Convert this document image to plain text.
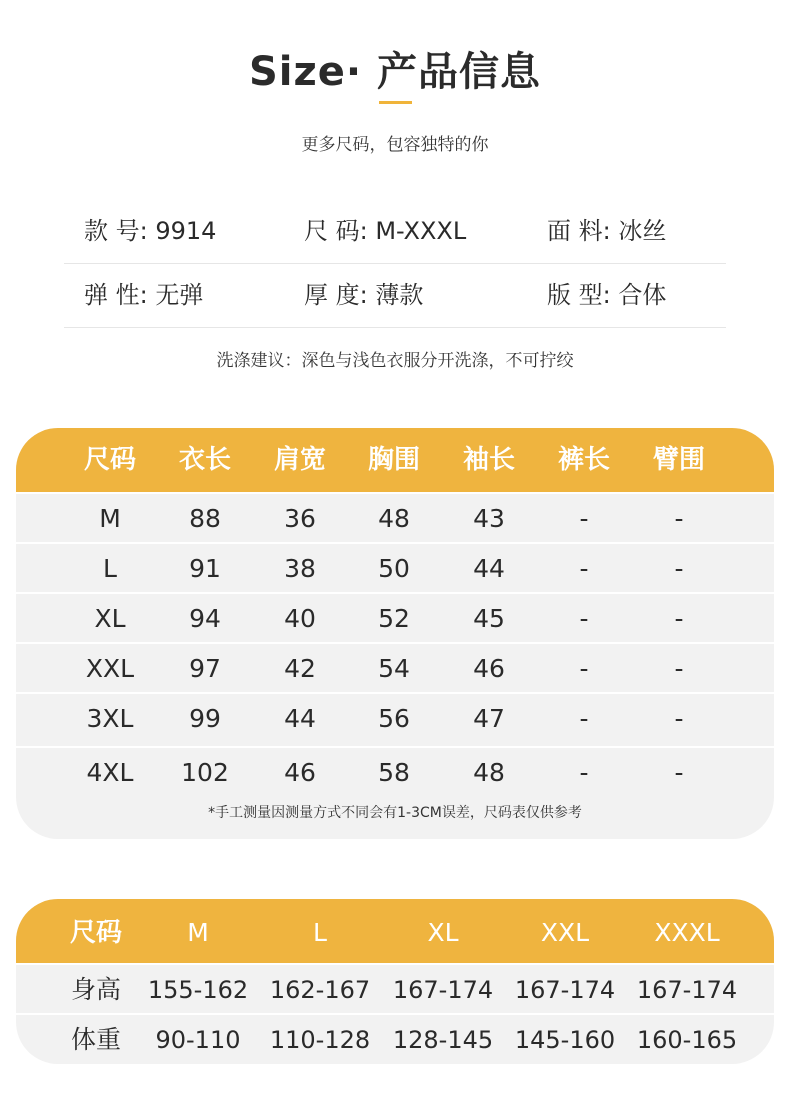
Size· 产品信息
更多尺码，包容独特的你
款 号: 9914	尺 码: M-XXXL	面 料: 冰丝
弹 性: 无弹	厚 度: 薄款	版 型: 合体
洗涤建议：深色与浅色衣服分开洗涤，不可拧绞
尺码	衣长	肩宽	胸围	袖长	裤长	臂围
M	88	36	48	43	-	-
L	91	38	50	44	-	-
XL	94	40	52	45	-	-
XXL	97	42	54	46	-	-
3XL	99	44	56	47	-	-
4XL	102	46	58	48	-	-
*手工测量因测量方式不同会有1-3CM误差，尺码表仅供参考
尺码	M	L	XL	XXL	XXXL
身高	155-162 162-167 167-174 167-174 167-174
体重	90-110	110-128 128-145 145-160 160-165
